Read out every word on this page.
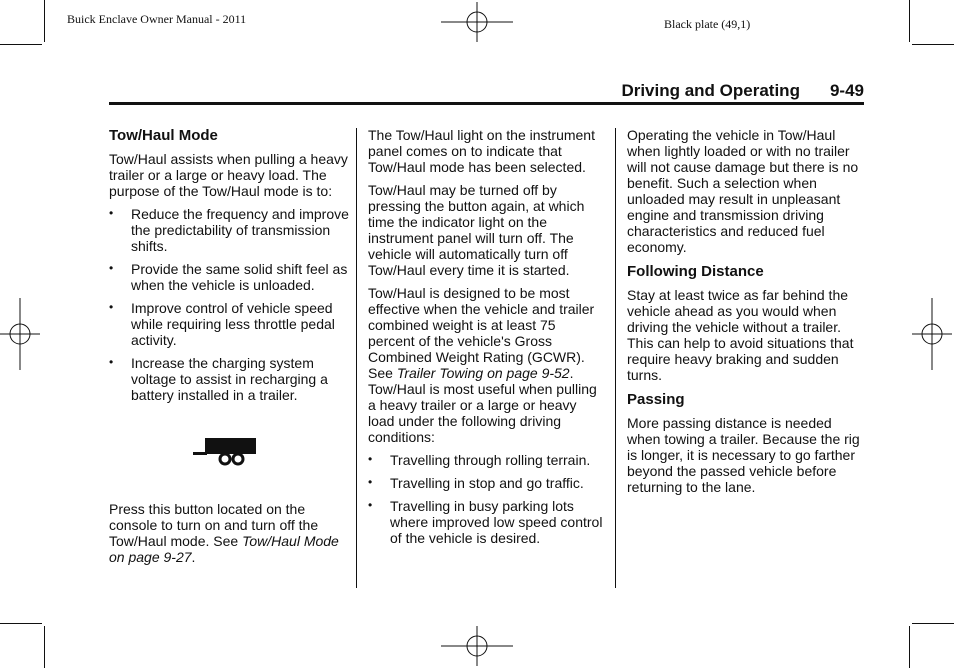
Buick Enclave Owner Manual - 2011	Black plate (49,1)
Driving and Operating 9-49
Tow/Haul Mode

Tow/Haul assists when pulling a heavy trailer or a large or heavy load. The purpose of the Tow/Haul mode is to:

• Reduce the frequency and improve the predictability of transmission shifts.
• Provide the same solid shift feel as when the vehicle is unloaded.
• Improve control of vehicle speed while requiring less throttle pedal activity.
• Increase the charging system voltage to assist in recharging a battery installed in a trailer.

Press this button located on the console to turn on and turn off the Tow/Haul mode. See Tow/Haul Mode on page 9-27.

The Tow/Haul light on the instrument panel comes on to indicate that Tow/Haul mode has been selected.

Tow/Haul may be turned off by pressing the button again, at which time the indicator light on the instrument panel will turn off. The vehicle will automatically turn off Tow/Haul every time it is started.

Tow/Haul is designed to be most effective when the vehicle and trailer combined weight is at least 75 percent of the vehicle's Gross Combined Weight Rating (GCWR). See Trailer Towing on page 9-52. Tow/Haul is most useful when pulling a heavy trailer or a large or heavy load under the following driving conditions:

• Travelling through rolling terrain.
• Travelling in stop and go traffic.
• Travelling in busy parking lots where improved low speed control of the vehicle is desired.

Operating the vehicle in Tow/Haul when lightly loaded or with no trailer will not cause damage but there is no benefit. Such a selection when unloaded may result in unpleasant engine and transmission driving characteristics and reduced fuel economy.

Following Distance

Stay at least twice as far behind the vehicle ahead as you would when driving the vehicle without a trailer. This can help to avoid situations that require heavy braking and sudden turns.

Passing

More passing distance is needed when towing a trailer. Because the rig is longer, it is necessary to go farther beyond the passed vehicle before returning to the lane.
